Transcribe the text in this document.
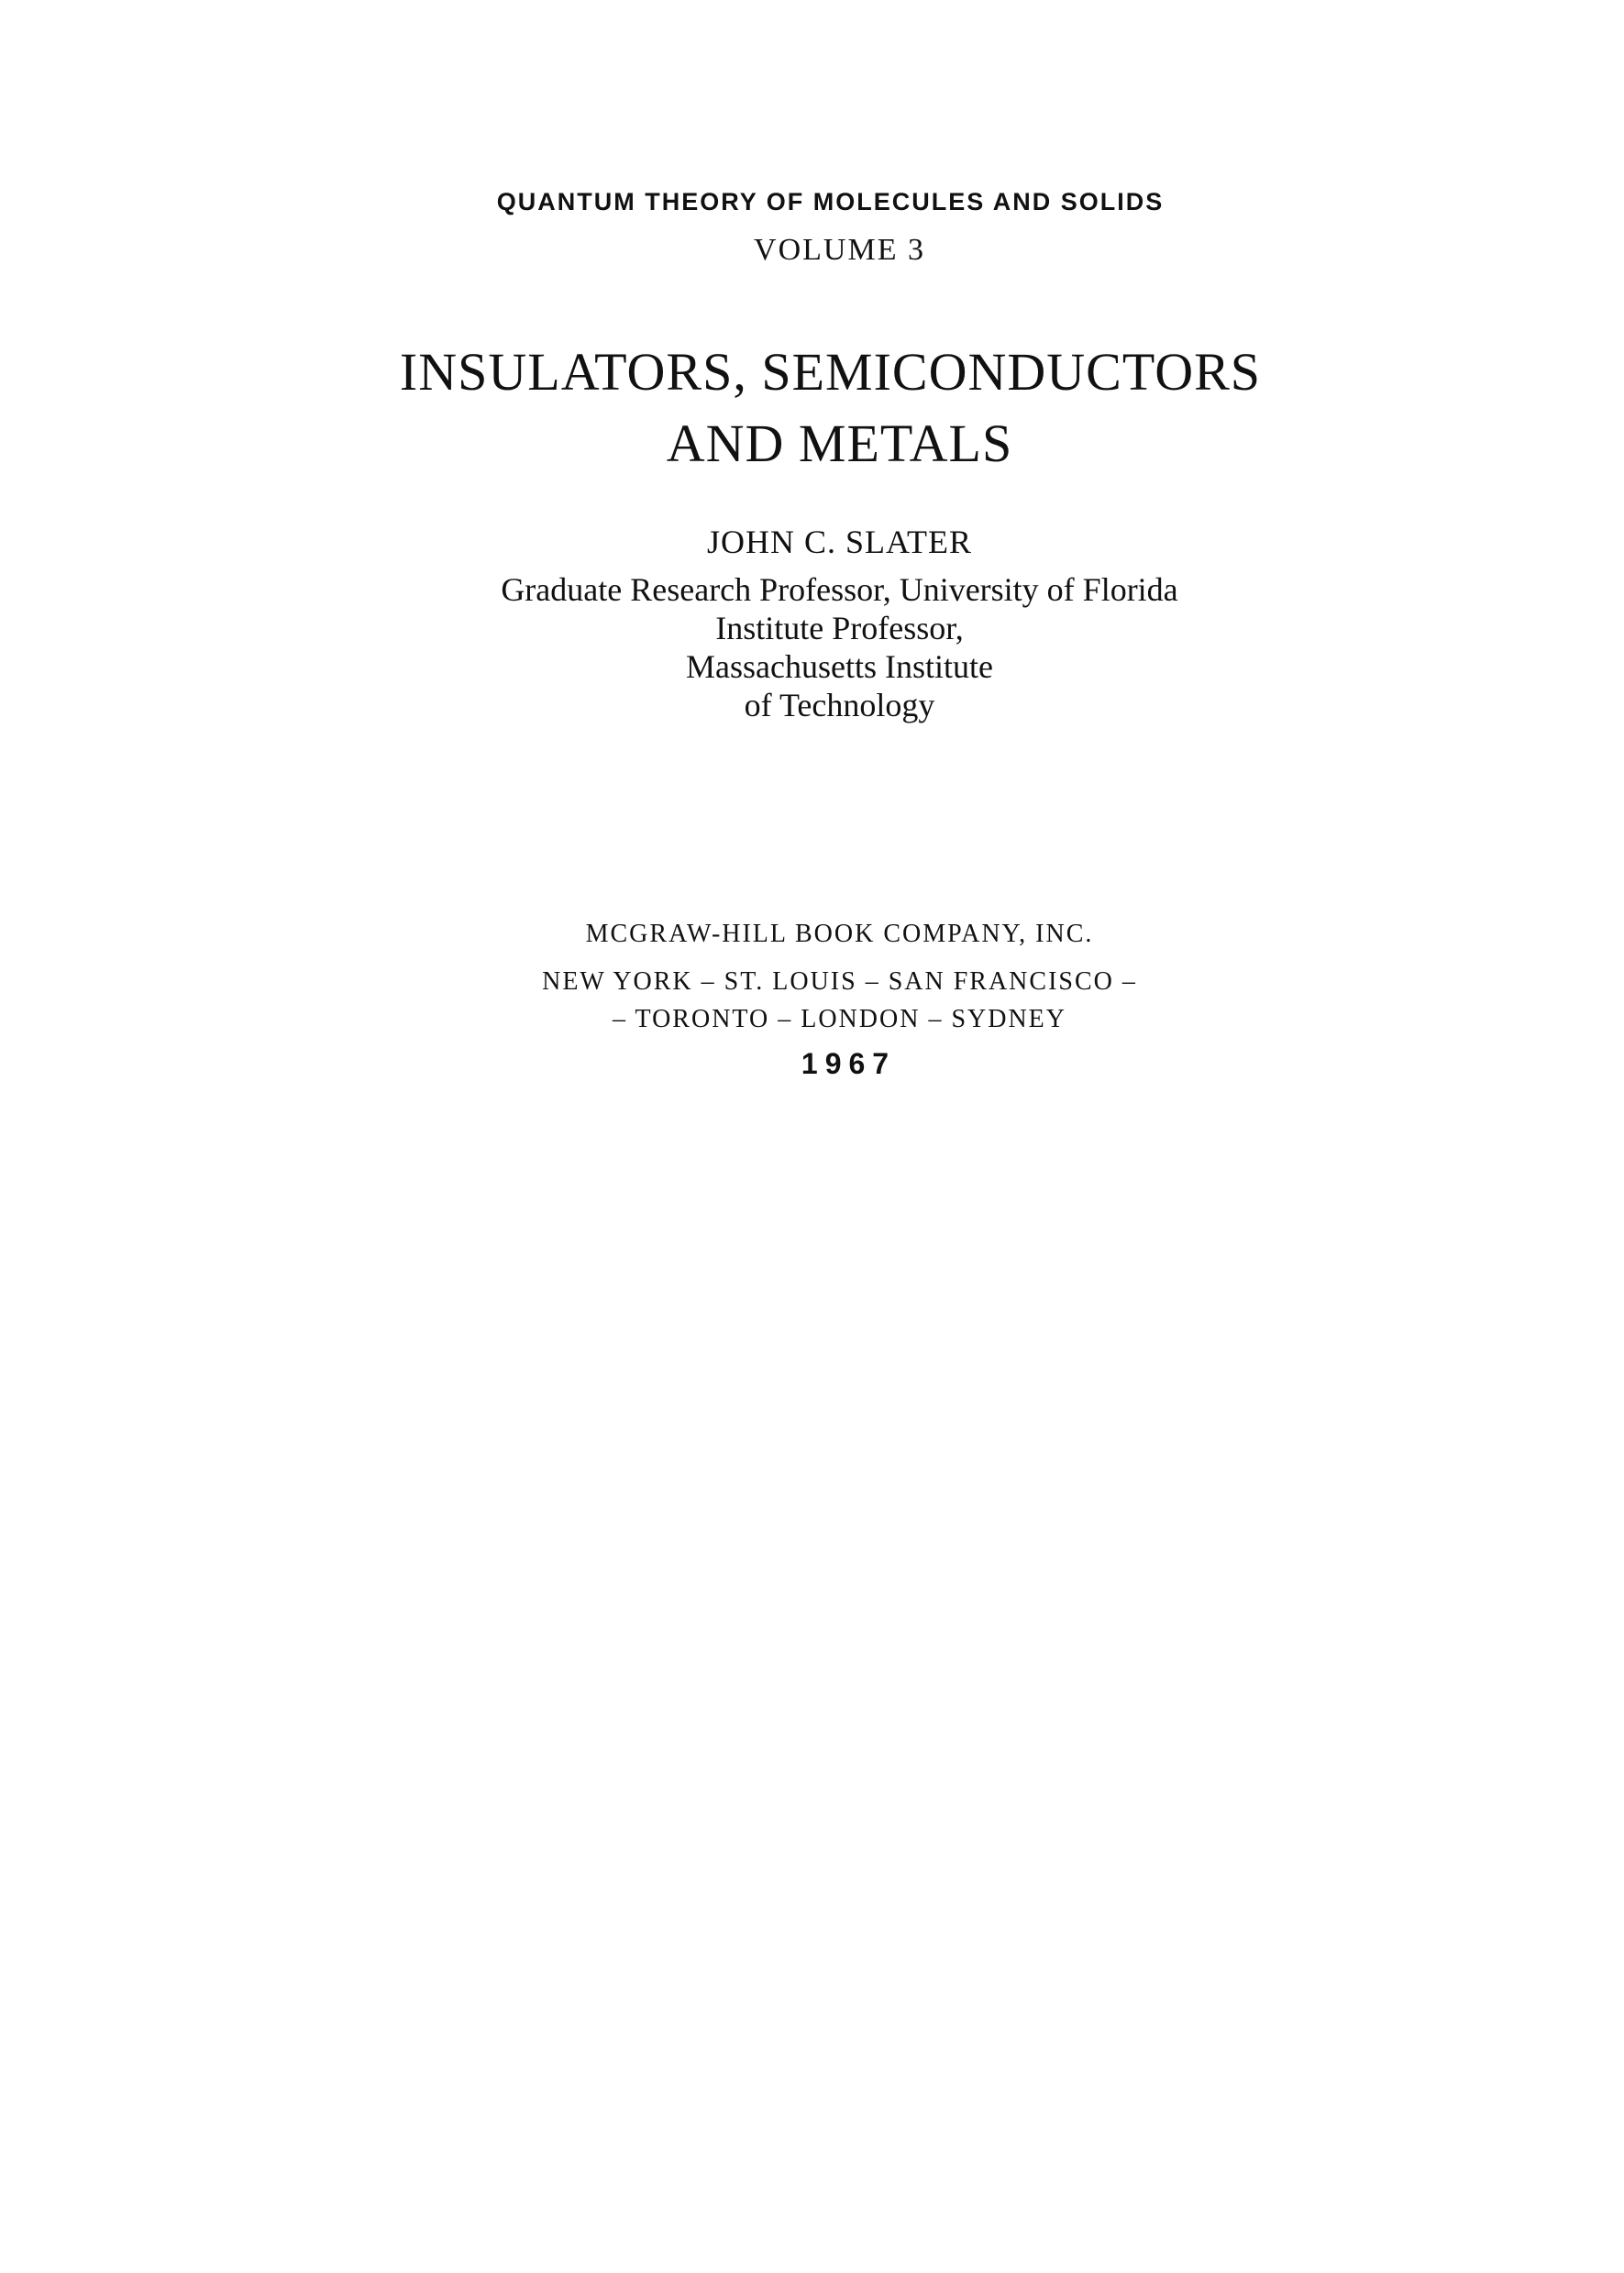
QUANTUM THEORY OF MOLECULES AND SOLIDS
VOLUME 3
INSULATORS, SEMICONDUCTORS
AND METALS
JOHN C. SLATER
Graduate Research Professor, University of Florida
Institute Professor,
Massachusetts Institute
of Technology
MCGRAW-HILL BOOK COMPANY, INC.
NEW YORK – ST. LOUIS – SAN FRANCISCO –
– TORONTO – LONDON – SYDNEY
1967
